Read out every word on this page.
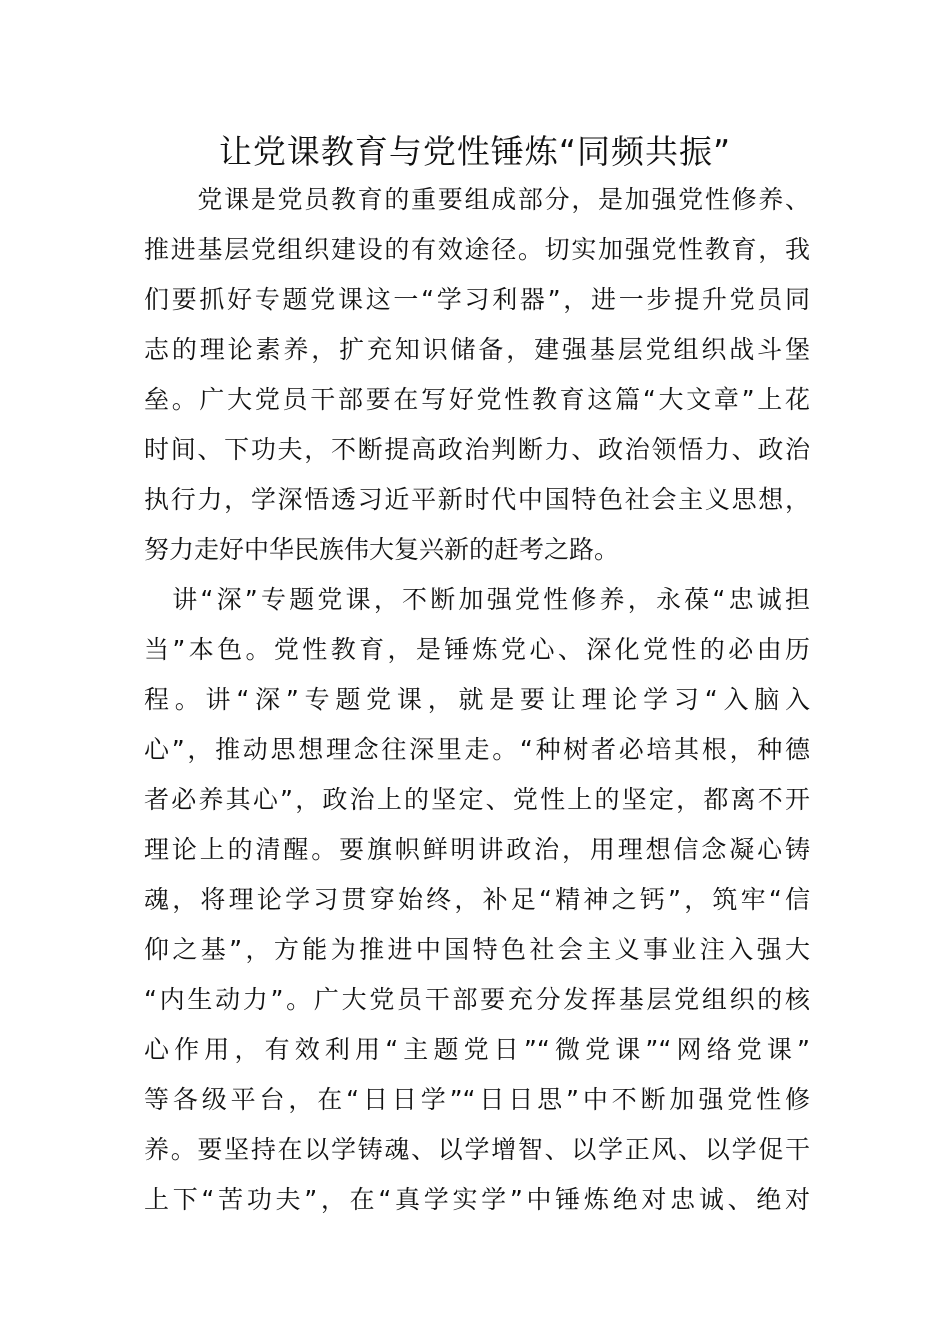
让党课教育与党性锤炼“同频共振”
　　党课是党员教育的重要组成部分，是加强党性修养、
推进基层党组织建设的有效途径。切实加强党性教育，我
们要抓好专题党课这一“学习利器”，进一步提升党员同
志的理论素养，扩充知识储备，建强基层党组织战斗堡
垒。广大党员干部要在写好党性教育这篇“大文章”上花
时间、下功夫，不断提高政治判断力、政治领悟力、政治
执行力，学深悟透习近平新时代中国特色社会主义思想，
努力走好中华民族伟大复兴新的赶考之路。
　讲“深”专题党课，不断加强党性修养，永葆“忠诚担
当”本色。党性教育，是锤炼党心、深化党性的必由历
程。讲“深”专题党课，就是要让理论学习“入脑入
心”，推动思想理念往深里走。“种树者必培其根，种德
者必养其心”，政治上的坚定、党性上的坚定，都离不开
理论上的清醒。要旗帜鲜明讲政治，用理想信念凝心铸
魂，将理论学习贯穿始终，补足“精神之钙”，筑牢“信
仰之基”，方能为推进中国特色社会主义事业注入强大
“内生动力”。广大党员干部要充分发挥基层党组织的核
心作用，有效利用“主题党日”“微党课”“网络党课”
等各级平台，在“日日学”“日日思”中不断加强党性修
养。要坚持在以学铸魂、以学增智、以学正风、以学促干
上下“苦功夫”，在“真学实学”中锤炼绝对忠诚、绝对
